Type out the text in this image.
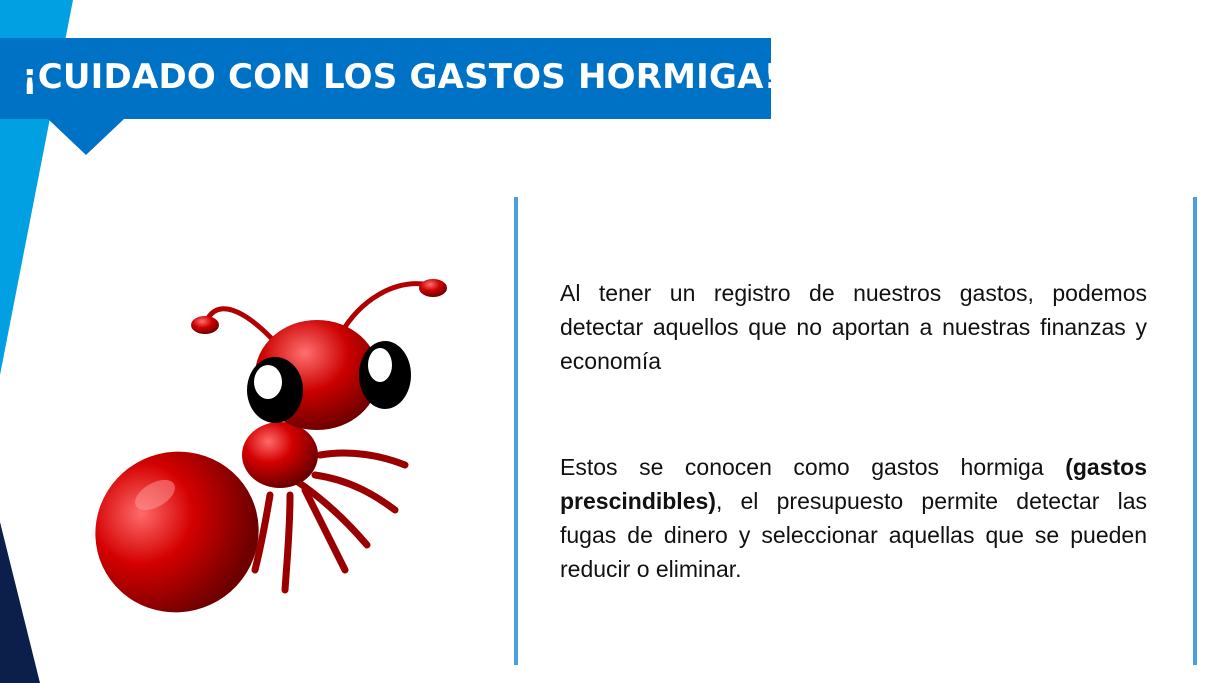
¡CUIDADO CON LOS GASTOS HORMIGA!
Al tener un registro de nuestros gastos, podemos detectar aquellos que no aportan a nuestras finanzas y economía
Estos se conocen como gastos hormiga (gastos prescindibles), el presupuesto permite detectar las fugas de dinero y seleccionar aquellas que se pueden reducir o eliminar.
